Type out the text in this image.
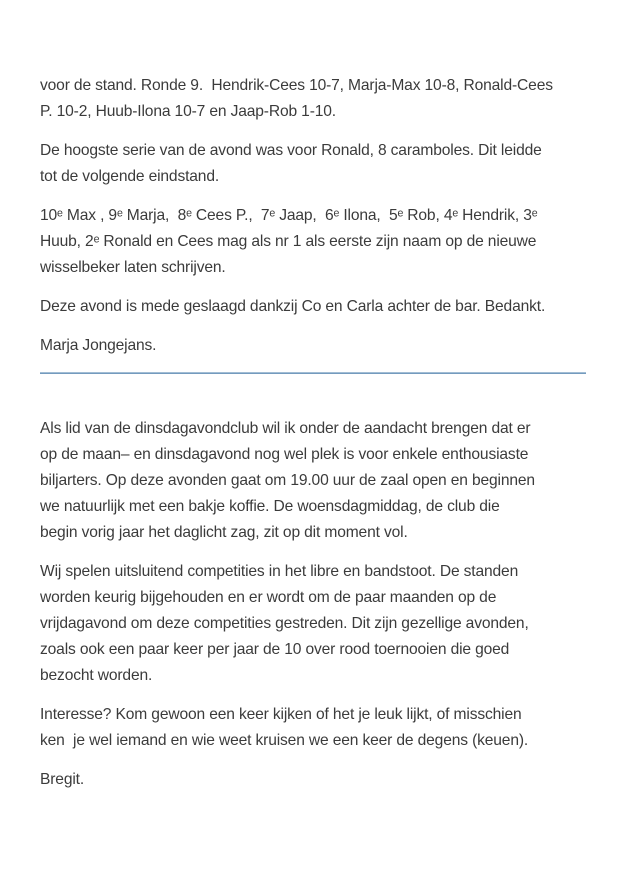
voor de stand. Ronde 9.  Hendrik-Cees 10-7, Marja-Max 10-8, Ronald-Cees
P. 10-2, Huub-Ilona 10-7 en Jaap-Rob 1-10.

De hoogste serie van de avond was voor Ronald, 8 caramboles. Dit leidde
tot de volgende eindstand.

10ᵉ Max , 9ᵉ Marja,  8ᵉ Cees P.,  7ᵉ Jaap,  6ᵉ Ilona,  5ᵉ Rob, 4ᵉ Hendrik, 3ᵉ
Huub, 2ᵉ Ronald en Cees mag als nr 1 als eerste zijn naam op de nieuwe
wisselbeker laten schrijven.

Deze avond is mede geslaagd dankzij Co en Carla achter de bar. Bedankt.

Marja Jongejans.

Als lid van de dinsdagavondclub wil ik onder de aandacht brengen dat er
op de maan– en dinsdagavond nog wel plek is voor enkele enthousiaste
biljarters. Op deze avonden gaat om 19.00 uur de zaal open en beginnen
we natuurlijk met een bakje koffie. De woensdagmiddag, de club die
begin vorig jaar het daglicht zag, zit op dit moment vol.

Wij spelen uitsluitend competities in het libre en bandstoot. De standen
worden keurig bijgehouden en er wordt om de paar maanden op de
vrijdagavond om deze competities gestreden. Dit zijn gezellige avonden,
zoals ook een paar keer per jaar de 10 over rood toernooien die goed
bezocht worden.

Interesse? Kom gewoon een keer kijken of het je leuk lijkt, of misschien
ken  je wel iemand en wie weet kruisen we een keer de degens (keuen).

Bregit.
